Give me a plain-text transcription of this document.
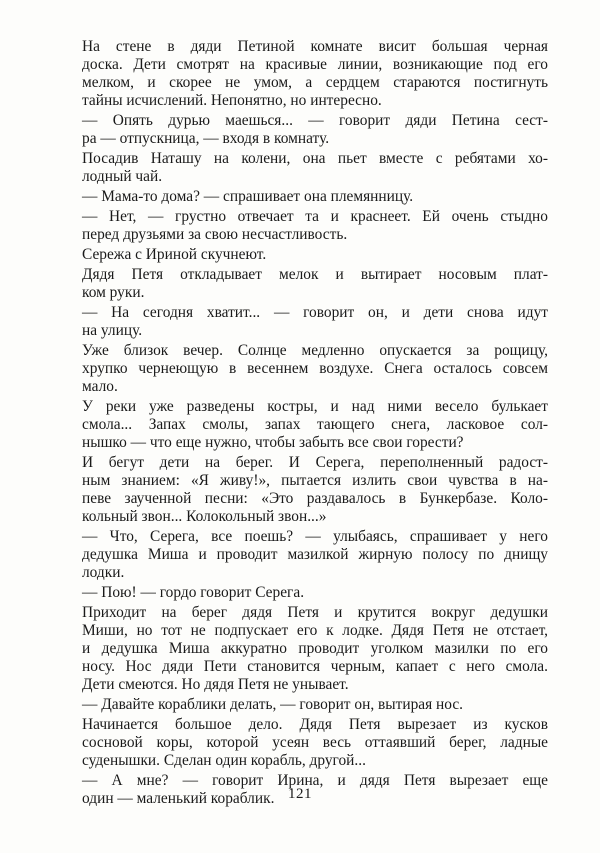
На стене в дяди Петиной комнате висит большая черная
доска. Дети смотрят на красивые линии, возникающие под его
мелком, и скорее не умом, а сердцем стараются постигнуть
тайны исчислений. Непонятно, но интересно.

— Опять дурью маешься... — говорит дяди Петина сест-
ра — отпускница, — входя в комнату.

Посадив Наташу на колени, она пьет вместе с ребятами хо-
лодный чай.

— Мама-то дома? — спрашивает она племянницу.

— Нет, — грустно отвечает та и краснеет. Ей очень стыдно
перед друзьями за свою несчастливость.

Сережа с Ириной скучнеют.

Дядя Петя откладывает мелок и вытирает носовым плат-
ком руки.

— На сегодня хватит... — говорит он, и дети снова идут
на улицу.

Уже близок вечер. Солнце медленно опускается за рощицу,
хрупко чернеющую в весеннем воздухе. Снега осталось совсем
мало.

У реки уже разведены костры, и над ними весело булькает
смола... Запах смолы, запах тающего снега, ласковое сол-
нышко — что еще нужно, чтобы забыть все свои горести?

И бегут дети на берег. И Серега, переполненный радост-
ным знанием: «Я живу!», пытается излить свои чувства в на-
певе заученной песни: «Это раздавалось в Бункербазе. Коло-
кольный звон... Колокольный звон...»

— Что, Серега, все поешь? — улыбаясь, спрашивает у него
дедушка Миша и проводит мазилкой жирную полосу по днищу
лодки.

— Пою! — гордо говорит Серега.

Приходит на берег дядя Петя и крутится вокруг дедушки
Миши, но тот не подпускает его к лодке. Дядя Петя не отстает,
и дедушка Миша аккуратно проводит уголком мазилки по его
носу. Нос дяди Пети становится черным, капает с него смола.
Дети смеются. Но дядя Петя не унывает.

— Давайте кораблики делать, — говорит он, вытирая нос.

Начинается большое дело. Дядя Петя вырезает из кусков
сосновой коры, которой усеян весь оттаявший берег, ладные
суденышки. Сделан один корабль, другой...

— А мне? — говорит Ирина, и дядя Петя вырезает еще
один — маленький кораблик. 121
